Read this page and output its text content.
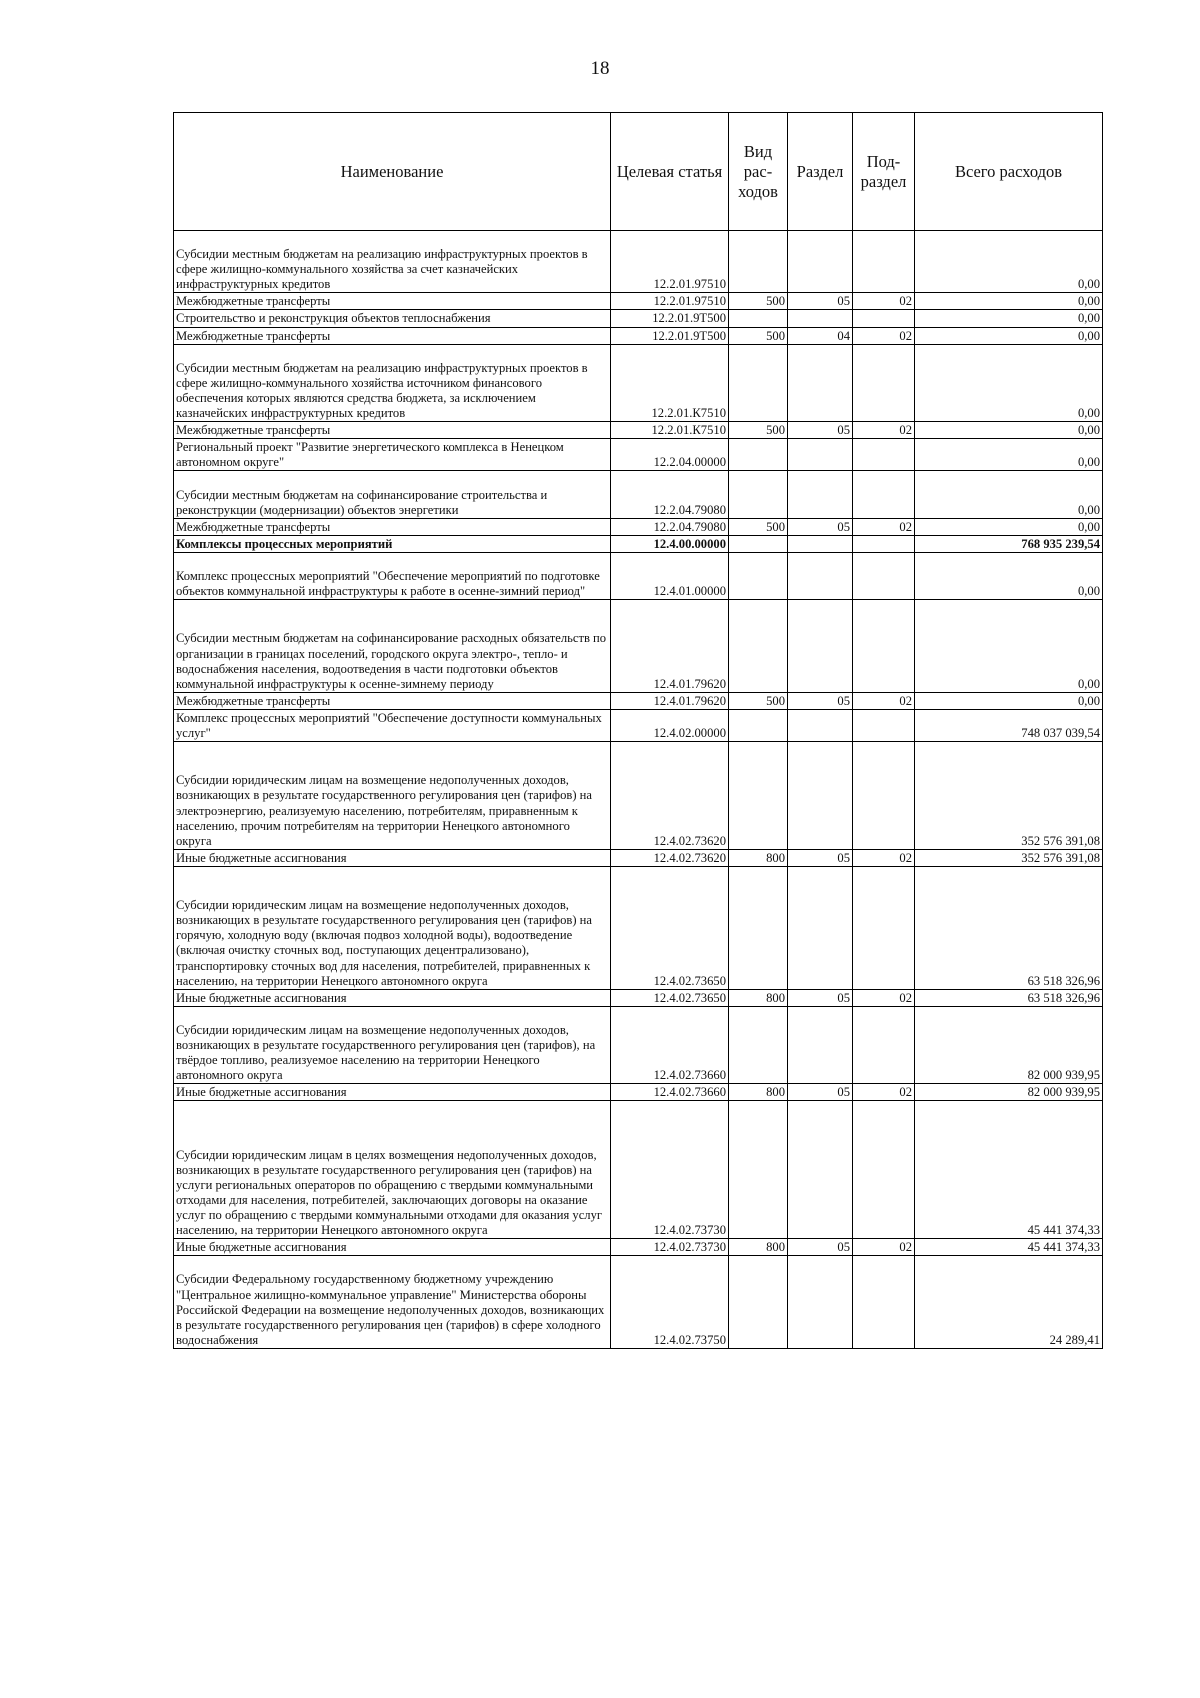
18
Наименование	Целевая статья	Вид рас- ходов	Раздел	Под- раздел	Всего расходов
Субсидии местным бюджетам на реализацию инфраструктурных проектов в сфере жилищно-коммунального хозяйства за счет казначейских инфраструктурных кредитов	12.2.01.97510				0,00
Межбюджетные трансферты	12.2.01.97510	500	05	02	0,00
Строительство и реконструкция объектов теплоснабжения	12.2.01.9Т500				0,00
Межбюджетные трансферты	12.2.01.9Т500	500	04	02	0,00
Субсидии местным бюджетам на реализацию инфраструктурных проектов в сфере жилищно-коммунального хозяйства источником финансового обеспечения которых являются средства бюджета, за исключением казначейских инфраструктурных кредитов	12.2.01.К7510				0,00
Межбюджетные трансферты	12.2.01.К7510	500	05	02	0,00
Региональный проект "Развитие энергетического комплекса в Ненецком автономном округе"	12.2.04.00000				0,00
Субсидии местным бюджетам на софинансирование строительства и реконструкции (модернизации) объектов энергетики	12.2.04.79080				0,00
Межбюджетные трансферты	12.2.04.79080	500	05	02	0,00
Комплексы процессных мероприятий	12.4.00.00000				768 935 239,54
Комплекс процессных мероприятий "Обеспечение мероприятий по подготовке объектов коммунальной инфраструктуры к работе в осенне-зимний период"	12.4.01.00000				0,00
Субсидии местным бюджетам на софинансирование расходных обязательств по организации в границах поселений, городского округа электро-, тепло- и водоснабжения населения, водоотведения в части подготовки объектов коммунальной инфраструктуры к осенне-зимнему периоду	12.4.01.79620				0,00
Межбюджетные трансферты	12.4.01.79620	500	05	02	0,00
Комплекс процессных мероприятий "Обеспечение доступности коммунальных услуг"	12.4.02.00000				748 037 039,54
Субсидии юридическим лицам на возмещение недополученных доходов, возникающих в результате государственного регулирования цен (тарифов) на электроэнергию, реализуемую населению, потребителям, приравненным к населению, прочим потребителям на территории Ненецкого автономного округа	12.4.02.73620				352 576 391,08
Иные бюджетные ассигнования	12.4.02.73620	800	05	02	352 576 391,08
Субсидии юридическим лицам на возмещение недополученных доходов, возникающих в результате государственного регулирования цен (тарифов) на горячую, холодную воду (включая подвоз холодной воды), водоотведение (включая очистку сточных вод, поступающих децентрализовано), транспортировку сточных вод для населения, потребителей, приравненных к населению, на территории Ненецкого автономного округа	12.4.02.73650				63 518 326,96
Иные бюджетные ассигнования	12.4.02.73650	800	05	02	63 518 326,96
Субсидии юридическим лицам на возмещение недополученных доходов, возникающих в результате государственного регулирования цен (тарифов), на твёрдое топливо, реализуемое населению на территории Ненецкого автономного округа	12.4.02.73660				82 000 939,95
Иные бюджетные ассигнования	12.4.02.73660	800	05	02	82 000 939,95
Субсидии юридическим лицам в целях возмещения недополученных доходов, возникающих в результате государственного регулирования цен (тарифов) на услуги региональных операторов по обращению с твердыми коммунальными отходами для населения, потребителей, заключающих договоры на оказание услуг по обращению с твердыми коммунальными отходами для оказания услуг населению, на территории Ненецкого автономного округа	12.4.02.73730				45 441 374,33
Иные бюджетные ассигнования	12.4.02.73730	800	05	02	45 441 374,33
Субсидии Федеральному государственному бюджетному учреждению "Центральное жилищно-коммунальное управление" Министерства обороны Российской Федерации на возмещение недополученных доходов, возникающих в результате государственного регулирования цен (тарифов) в сфере холодного водоснабжения	12.4.02.73750				24 289,41
